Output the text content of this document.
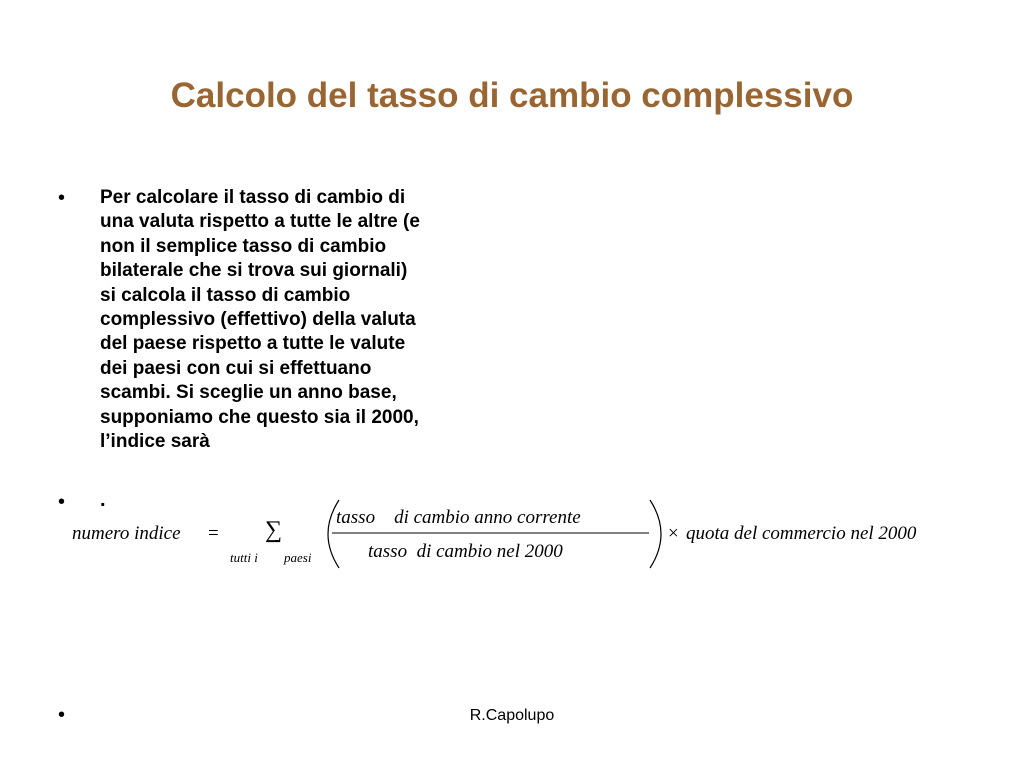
Calcolo del tasso di cambio complessivo
• Per calcolare il tasso di cambio di
una valuta rispetto a tutte le altre (e
non il semplice tasso di cambio
bilaterale che si trova sui giornali)
si calcola il tasso di cambio
complessivo (effettivo) della valuta
del paese rispetto a tutte le valute
dei paesi con cui si effettuano
scambi. Si sceglie un anno base,
supponiamo che questo sia il 2000,
l’indice sarà
• .
•
numero indice = ∑
tutti i paesi
tasso    di cambio anno corrente
tasso  di cambio nel 2000
× quota del commercio nel 2000
R.Capolupo
